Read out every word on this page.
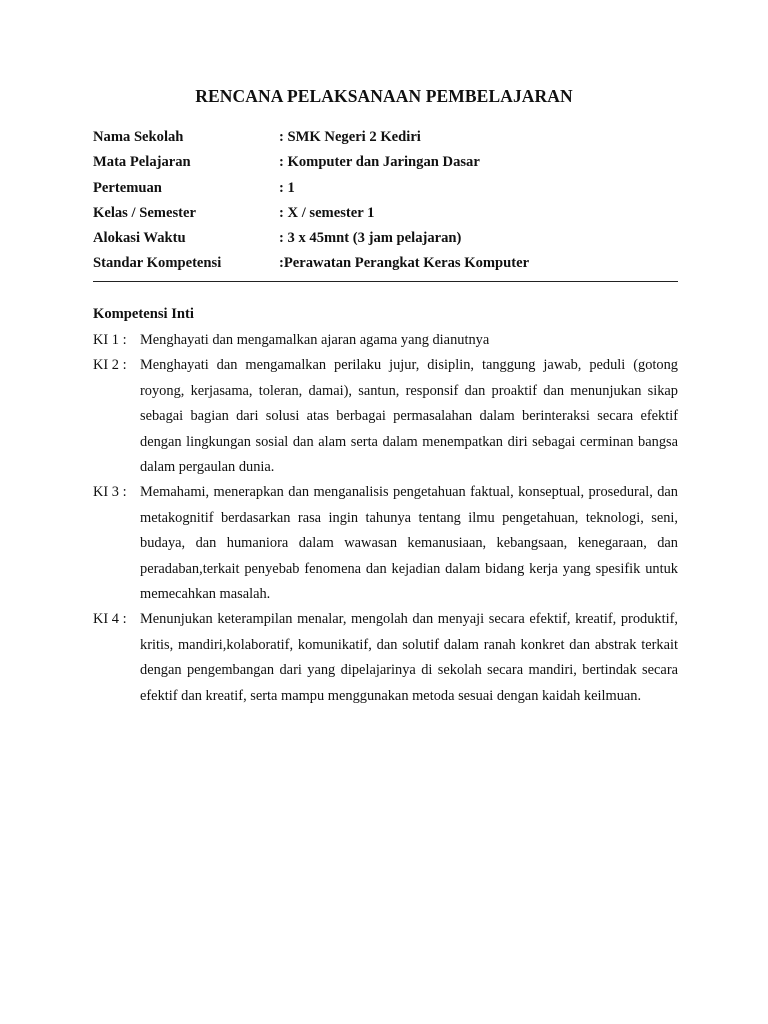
RENCANA PELAKSANAAN PEMBELAJARAN
Nama Sekolah	: SMK Negeri 2 Kediri
Mata Pelajaran	: Komputer dan Jaringan Dasar
Pertemuan	: 1
Kelas / Semester	: X / semester 1
Alokasi Waktu	: 3 x 45mnt (3 jam pelajaran)
Standar Kompetensi	:Perawatan Perangkat Keras Komputer
Kompetensi Inti
KI 1 : Menghayati dan mengamalkan ajaran agama yang dianutnya
KI 2 : Menghayati dan mengamalkan perilaku jujur, disiplin, tanggung jawab, peduli (gotong royong, kerjasama, toleran, damai), santun, responsif dan proaktif dan menunjukan sikap sebagai bagian dari solusi atas berbagai permasalahan dalam berinteraksi secara efektif dengan lingkungan sosial dan alam serta dalam menempatkan diri sebagai cerminan bangsa dalam pergaulan dunia.
KI 3 : Memahami, menerapkan dan menganalisis pengetahuan faktual, konseptual, prosedural, dan metakognitif berdasarkan rasa ingin tahunya tentang ilmu pengetahuan, teknologi, seni, budaya, dan humaniora dalam wawasan kemanusiaan, kebangsaan, kenegaraan, dan peradaban,terkait penyebab fenomena dan kejadian dalam bidang kerja yang spesifik untuk memecahkan masalah.
KI 4 : Menunjukan keterampilan menalar, mengolah dan menyaji secara efektif, kreatif, produktif, kritis, mandiri,kolaboratif, komunikatif, dan solutif dalam ranah konkret dan abstrak terkait dengan pengembangan dari yang dipelajarinya di sekolah secara mandiri, bertindak secara efektif dan kreatif, serta mampu menggunakan metoda sesuai dengan kaidah keilmuan.
